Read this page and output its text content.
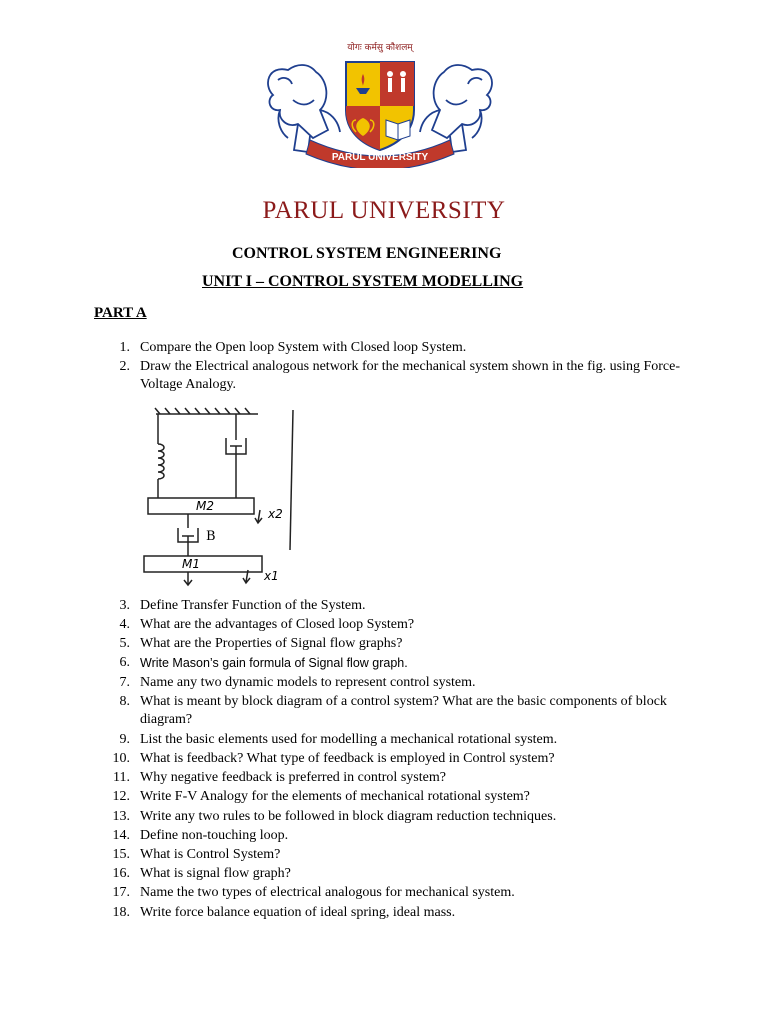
योगः कर्मसु कौशलम्
PARUL UNIVERSITY
PARUL UNIVERSITY
CONTROL SYSTEM ENGINEERING
UNIT I – CONTROL SYSTEM MODELLING
PART A
1. Compare the Open loop System with Closed loop System.
2. Draw the Electrical analogous network for the mechanical system shown in the fig. using Force-Voltage Analogy.
M2
x2
B
M1
x1
3. Define Transfer Function of the System.
4. What are the advantages of Closed loop System?
5. What are the Properties of Signal flow graphs?
6. Write Mason’s gain formula of Signal flow graph.
7. Name any two dynamic models to represent control system.
8. What is meant by block diagram of a control system? What are the basic components of block diagram?
9. List the basic elements used for modelling a mechanical rotational system.
10. What is feedback? What type of feedback is employed in Control system?
11. Why negative feedback is preferred in control system?
12. Write F-V Analogy for the elements of mechanical rotational system?
13. Write any two rules to be followed in block diagram reduction techniques.
14. Define non-touching loop.
15. What is Control System?
16. What is signal flow graph?
17. Name the two types of electrical analogous for mechanical system.
18. Write force balance equation of ideal spring, ideal mass.
